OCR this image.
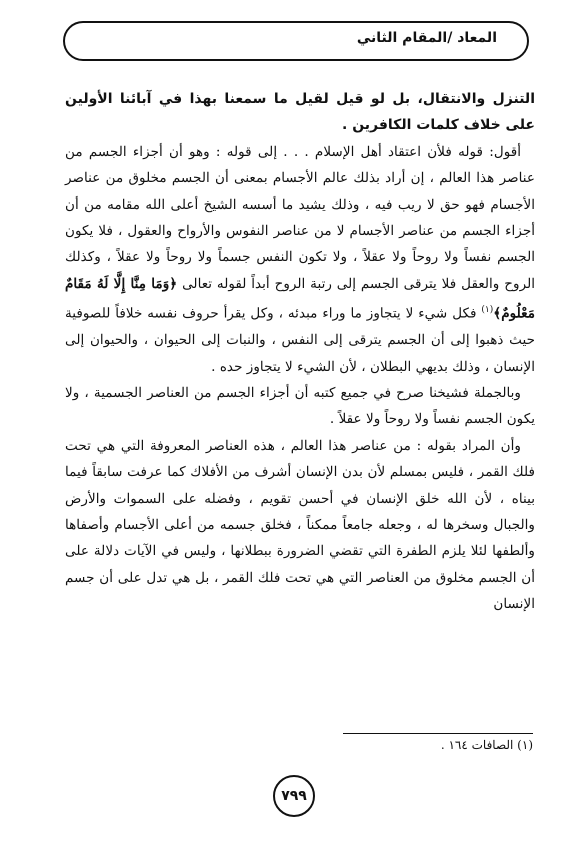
المعاد /المقام الثاني

التنزل والانتقال، بل لو قيل لقيل ما سمعنا بهذا في آبائنا الأولين على خلاف كلمات الكافرين .

أقول: قوله فلأن اعتقاد أهل الإسلام . . . إلى قوله : وهو أن أجزاء الجسم من عناصر هذا العالم ، إن أراد بذلك عالم الأجسام بمعنى أن الجسم مخلوق من عناصر الأجسام فهو حق لا ريب فيه ، وذلك يشيد ما أسسه الشيخ أعلى الله مقامه من أن أجزاء الجسم من عناصر الأجسام لا من عناصر النفوس والأرواح والعقول ، فلا يكون الجسم نفساً ولا روحاً ولا عقلاً ، ولا تكون النفس جسماً ولا روحاً ولا عقلاً ، وكذلك الروح والعقل فلا يترقى الجسم إلى رتبة الروح أبداً لقوله تعالى ﴿وَمَا مِنَّا إِلَّا لَهُ مَقَامٌ مَعْلُومٌ﴾$^{(١)}$ فكل شيء لا يتجاوز ما وراء مبدئه ، وكل يقرأ حروف نفسه خلافاً للصوفية حيث ذهبوا إلى أن الجسم يترقى إلى النفس ، والنبات إلى الحيوان ، والحيوان إلى الإنسان ، وذلك بديهي البطلان ، لأن الشيء لا يتجاوز حده .

وبالجملة فشيخنا صرح في جميع كتبه أن أجزاء الجسم من العناصر الجسمية ، ولا يكون الجسم نفساً ولا روحاً ولا عقلاً .

وأن المراد بقوله : من عناصر هذا العالم ، هذه العناصر المعروفة التي هي تحت فلك القمر ، فليس بمسلم لأن بدن الإنسان أشرف من الأفلاك كما عرفت سابقاً فيما بيناه ، لأن الله خلق الإنسان في أحسن تقويم ، وفضله على السموات والأرض والجبال وسخرها له ، وجعله جامعاً ممكناً ، فخلق جسمه من أعلى الأجسام وأصفاها وألطفها لئلا يلزم الطفرة التي تقضي الضرورة ببطلانها ، وليس في الآيات دلالة على أن الجسم مخلوق من العناصر التي هي تحت فلك القمر ، بل هي تدل على أن جسم الإنسان

(١) الصافات ١٦٤ .
٧٩٩
